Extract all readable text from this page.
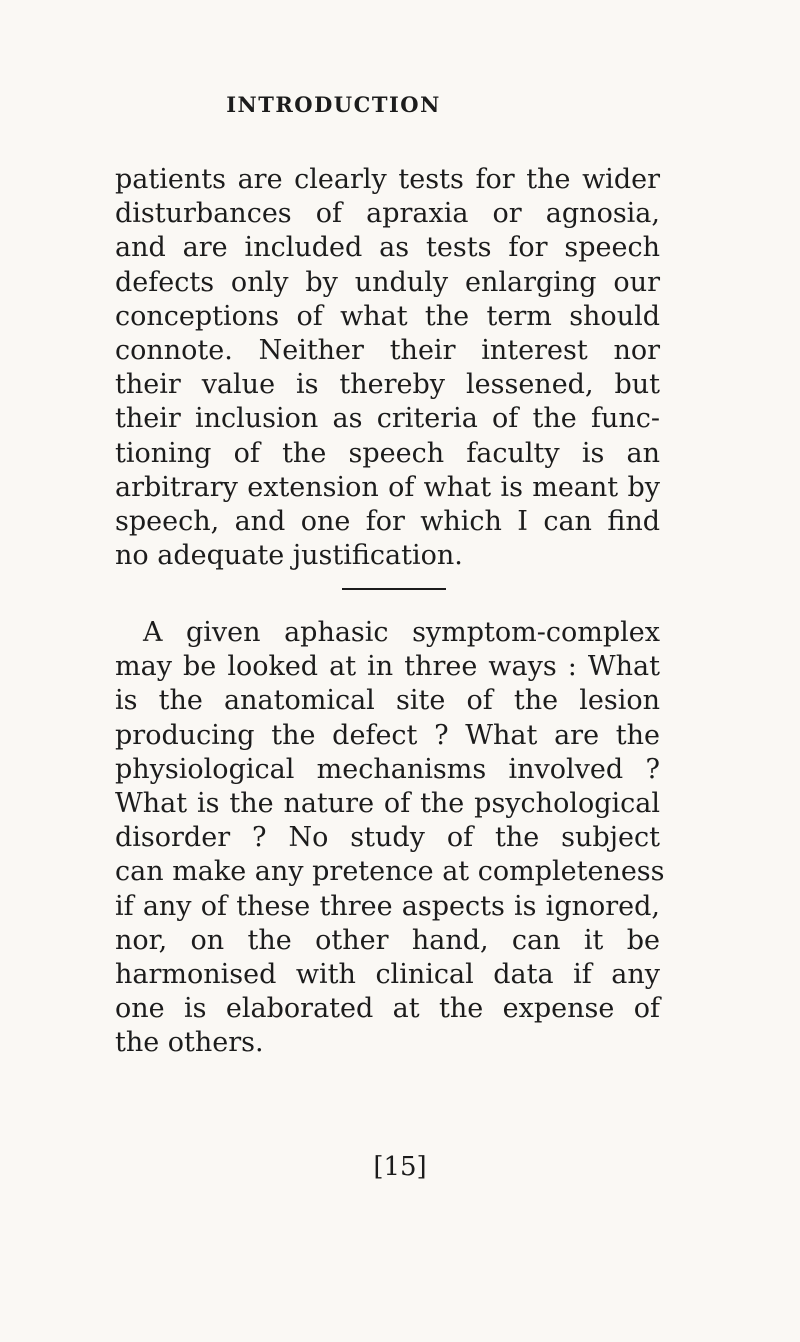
INTRODUCTION
patients are clearly tests for the wider
disturbances of apraxia or agnosia,
and are included as tests for speech
defects only by unduly enlarging our
conceptions of what the term should
connote. Neither their interest nor
their value is thereby lessened, but
their inclusion as criteria of the func-
tioning of the speech faculty is an
arbitrary extension of what is meant by
speech, and one for which I can find
no adequate justification.
A given aphasic symptom-complex
may be looked at in three ways : What
is the anatomical site of the lesion
producing the defect ? What are the
physiological mechanisms involved ?
What is the nature of the psychological
disorder ? No study of the subject
can make any pretence at completeness
if any of these three aspects is ignored,
nor, on the other hand, can it be
harmonised with clinical data if any
one is elaborated at the expense of
the others.
[15]
